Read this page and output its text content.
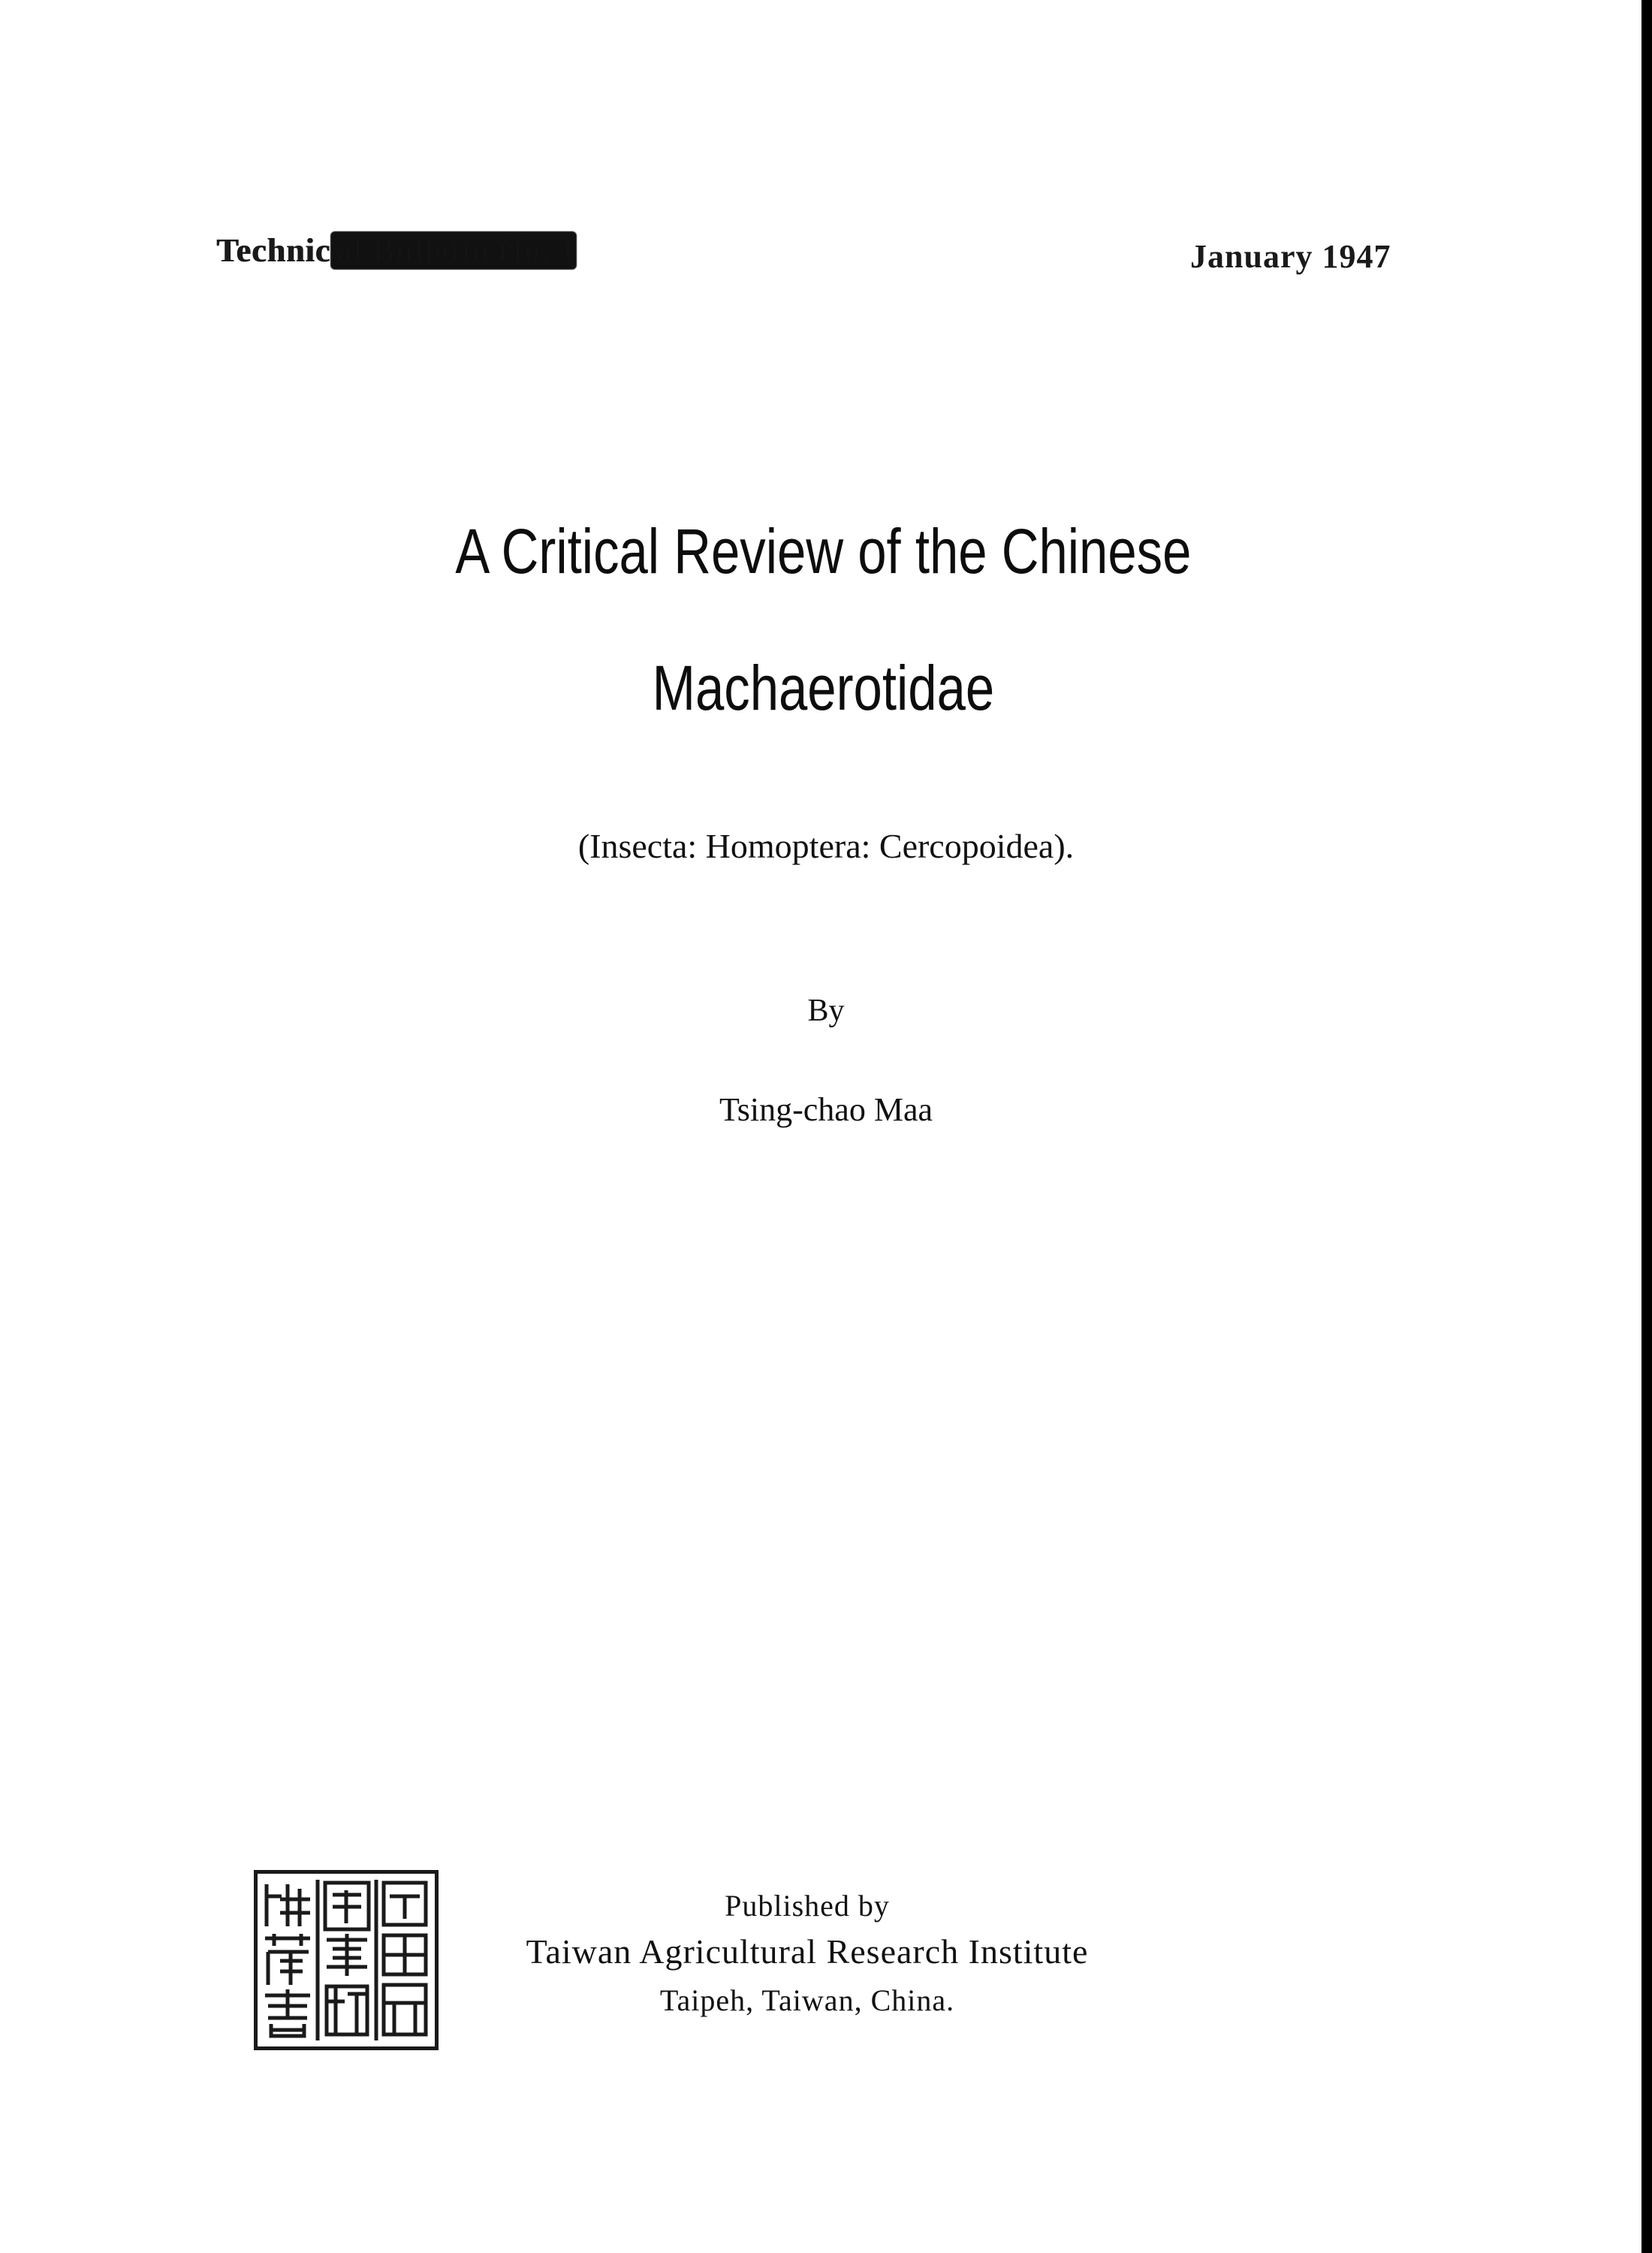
Technical Bulletin No. 1	January 1947
A Critical Review of the Chinese
Machaerotidae
(Insecta: Homoptera: Cercopoidea).
By
Tsing-chao Maa
Published by
Taiwan Agricultural Research Institute
Taipeh, Taiwan, China.
